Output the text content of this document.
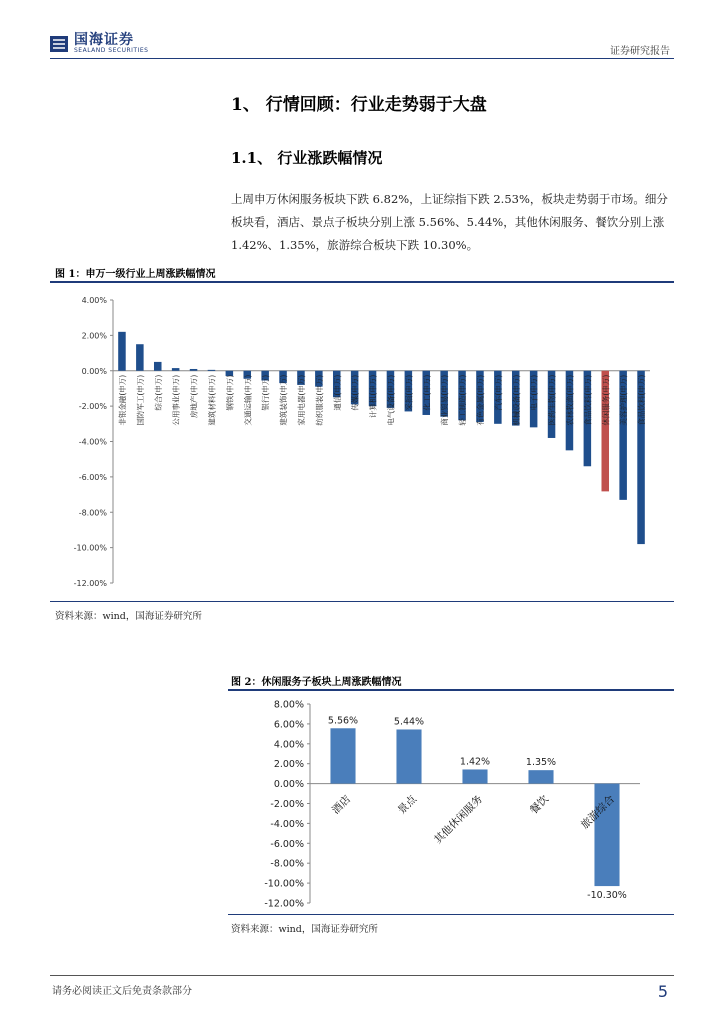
国海证券
SEALAND SECURITIES	证券研究报告
1、 行情回顾：行业走势弱于大盘
1.1、 行业涨跌幅情况
上周申万休闲服务板块下跌 6.82%，上证综指下跌 2.53%，板块走势弱于市场。细分板块看，酒店、景点子板块分别上涨 5.56%、5.44%，其他休闲服务、餐饮分别上涨 1.42%、1.35%，旅游综合板块下跌 10.30%。
图 1：申万一级行业上周涨跌幅情况
4.00%
2.00%
0.00%
-2.00%
-4.00%
-6.00%
-8.00%
-10.00%
-12.00%
非银金融(申万) 国防军工(申万) 综合(申万) 公用事业(申万) 房地产(申万) 建筑材料(申万) 钢铁(申万) 交通运输(申万) 银行(申万) 建筑装饰(申万) 家用电器(申万) 纺织服装(申万) 通信(申万) 传媒(申万) 计算机(申万) 电气设备(申万) 采掘(申万) 化工(申万) 商业贸易(申万) 轻工制造(申万) 有色金属(申万) 汽车(申万) 机械设备(申万) 电子(申万) 医药生物(申万) 农林牧渔(申万) 食品饮料(申万) 休闲服务(申万) 美容护理(申万) 食品饮料(申万)
资料来源：wind，国海证券研究所
图 2：休闲服务子板块上周涨跌幅情况
8.00%
6.00%
4.00%
2.00%
0.00%
-2.00%
-4.00%
-6.00%
-8.00%
-10.00%
-12.00%
5.56%
酒店
5.44%
景点
1.42%
其他休闲服务
1.35%
餐饮
-10.30%
旅游综合
资料来源：wind，国海证券研究所
请务必阅读正文后免责条款部分	5
